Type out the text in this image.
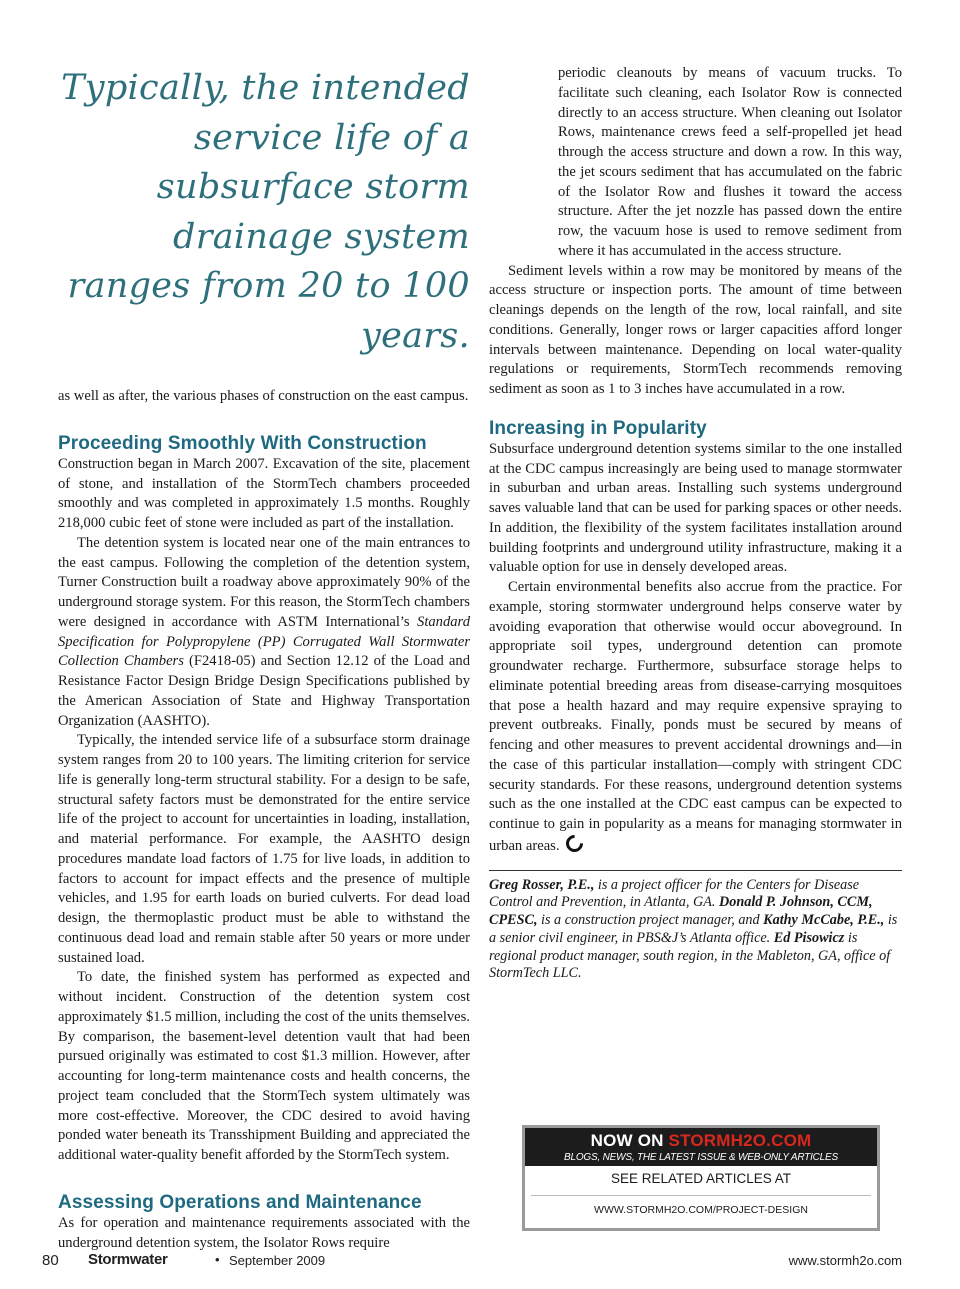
Typically, the intended service life of a subsurface storm drainage system ranges from 20 to 100 years.

as well as after, the various phases of construction on the east campus.

Proceeding Smoothly With Construction

Construction began in March 2007. Excavation of the site, placement of stone, and installation of the StormTech chambers proceeded smoothly and was completed in approximately 1.5 months. Roughly 218,000 cubic feet of stone were included as part of the installation.

The detention system is located near one of the main entrances to the east campus. Following the completion of the detention system, Turner Construction built a roadway above approximately 90% of the underground storage system. For this reason, the StormTech chambers were designed in accordance with ASTM International’s Standard Specification for Polypropylene (PP) Corrugated Wall Stormwater Collection Chambers (F2418-05) and Section 12.12 of the Load and Resistance Factor Design Bridge Design Specifications published by the American Association of State and Highway Transportation Organization (AASHTO).

Typically, the intended service life of a subsurface storm drainage system ranges from 20 to 100 years. The limiting criterion for service life is generally long-term structural stability. For a design to be safe, structural safety factors must be demonstrated for the entire service life of the project to account for uncertainties in loading, installation, and material performance. For example, the AASHTO design procedures mandate load factors of 1.75 for live loads, in addition to factors to account for impact effects and the presence of multiple vehicles, and 1.95 for earth loads on buried culverts. For dead load design, the thermoplastic product must be able to withstand the continuous dead load and remain stable after 50 years or more under sustained load.

To date, the finished system has performed as expected and without incident. Construction of the detention system cost approximately $1.5 million, including the cost of the units themselves. By comparison, the basement-level detention vault that had been pursued originally was estimated to cost $1.3 million. However, after accounting for long-term maintenance costs and health concerns, the project team concluded that the StormTech system ultimately was more cost-effective. Moreover, the CDC desired to avoid having ponded water beneath its Transshipment Building and appreciated the additional water-quality benefit afforded by the StormTech system.

Assessing Operations and Maintenance

As for operation and maintenance requirements associated with the underground detention system, the Isolator Rows require

periodic cleanouts by means of vacuum trucks. To facilitate such cleaning, each Isolator Row is connected directly to an access structure. When cleaning out Isolator Rows, maintenance crews feed a self-propelled jet head through the access structure and down a row. In this way, the jet scours sediment that has accumulated on the fabric of the Isolator Row and flushes it toward the access structure. After the jet nozzle has passed down the entire row, the vacuum hose is used to remove sediment from where it has accumulated in the access structure.

Sediment levels within a row may be monitored by means of the access structure or inspection ports. The amount of time between cleanings depends on the length of the row, local rainfall, and site conditions. Generally, longer rows or larger capacities afford longer intervals between maintenance. Depending on local water-quality regulations or requirements, StormTech recommends removing sediment as soon as 1 to 3 inches have accumulated in a row.

Increasing in Popularity

Subsurface underground detention systems similar to the one installed at the CDC campus increasingly are being used to manage stormwater in suburban and urban areas. Installing such systems underground saves valuable land that can be used for parking spaces or other needs. In addition, the flexibility of the system facilitates installation around building footprints and underground utility infrastructure, making it a valuable option for use in densely developed areas.

Certain environmental benefits also accrue from the practice. For example, storing stormwater underground helps conserve water by avoiding evaporation that otherwise would occur aboveground. In appropriate soil types, underground detention can promote groundwater recharge. Furthermore, subsurface storage helps to eliminate potential breeding areas from disease-carrying mosquitoes that pose a health hazard and may require expensive spraying to prevent outbreaks. Finally, ponds must be secured by means of fencing and other measures to prevent accidental drownings and—in the case of this particular installation—comply with stringent CDC security standards. For these reasons, underground detention systems such as the one installed at the CDC east campus can be expected to continue to gain in popularity as a means for managing stormwater in urban areas.

Greg Rosser, P.E., is a project officer for the Centers for Disease Control and Prevention, in Atlanta, GA. Donald P. Johnson, CCM, CPESC, is a construction project manager, and Kathy McCabe, P.E., is a senior civil engineer, in PBS&J’s Atlanta office. Ed Pisowicz is regional product manager, south region, in the Mableton, GA, office of StormTech LLC.
NOW ON STORMH2O.COM
BLOGS, NEWS, THE LATEST ISSUE & WEB-ONLY ARTICLES
SEE RELATED ARTICLES AT
WWW.STORMH2O.COM/PROJECT-DESIGN
80 Stormwater	• September 2009	www.stormh2o.com
